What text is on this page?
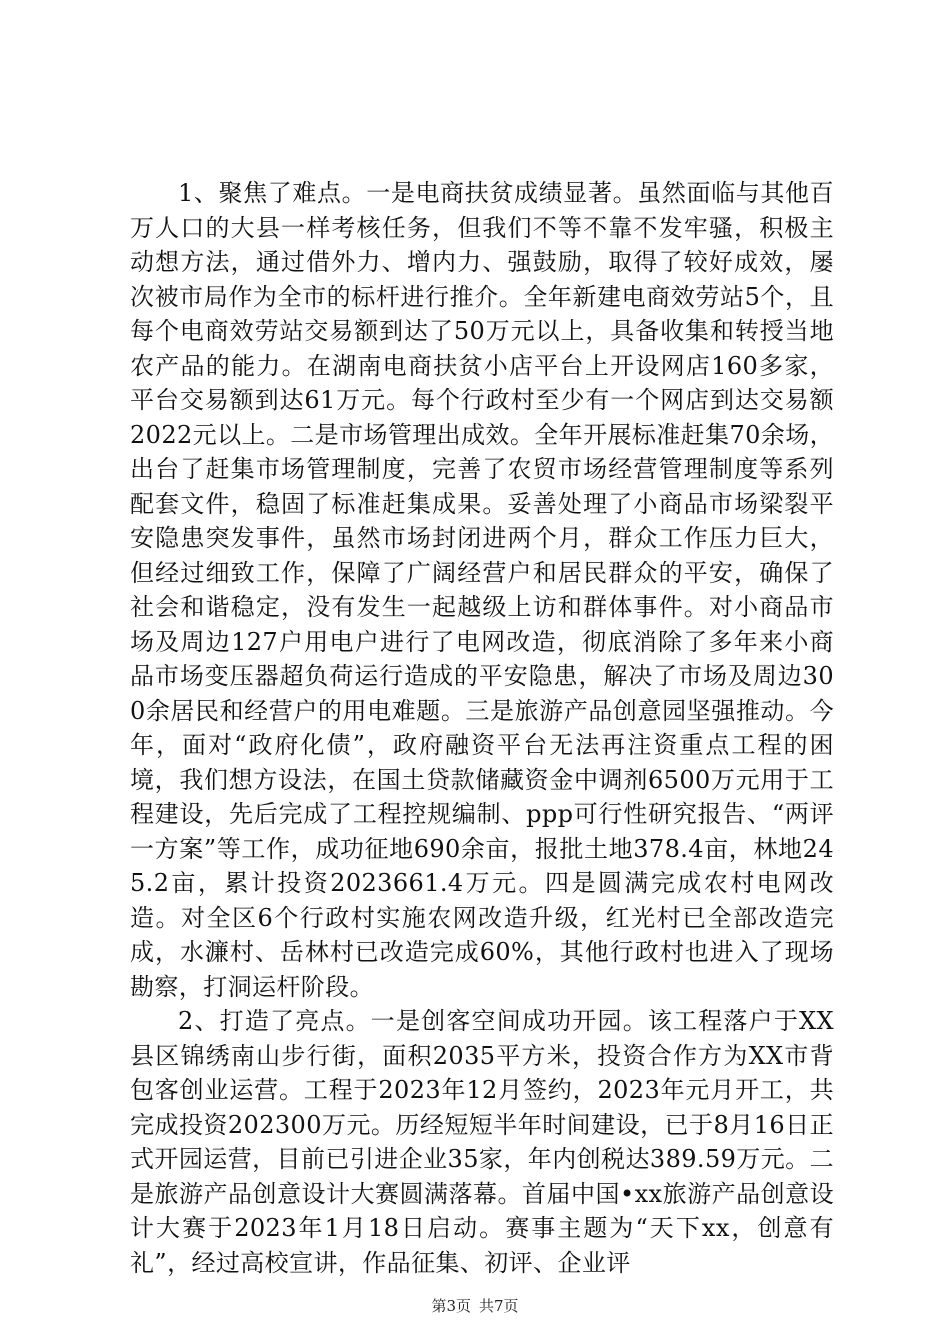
1、聚焦了难点。一是电商扶贫成绩显著。虽然面临与其他百万人口的大县一样考核任务，但我们不等不靠不发牢骚，积极主动想方法，通过借外力、增内力、强鼓励，取得了较好成效，屡次被市局作为全市的标杆进行推介。全年新建电商效劳站5个，且每个电商效劳站交易额到达了50万元以上，具备收集和转授当地农产品的能力。在湖南电商扶贫小店平台上开设网店160多家，平台交易额到达61万元。每个行政村至少有一个网店到达交易额2022元以上。二是市场管理出成效。全年开展标准赶集70余场，出台了赶集市场管理制度，完善了农贸市场经营管理制度等系列配套文件，稳固了标准赶集成果。妥善处理了小商品市场梁裂平安隐患突发事件，虽然市场封闭进两个月，群众工作压力巨大，但经过细致工作，保障了广阔经营户和居民群众的平安，确保了社会和谐稳定，没有发生一起越级上访和群体事件。对小商品市场及周边127户用电户进行了电网改造，彻底消除了多年来小商品市场变压器超负荷运行造成的平安隐患，解决了市场及周边300余居民和经营户的用电难题。三是旅游产品创意园坚强推动。今年，面对“政府化债”，政府融资平台无法再注资重点工程的困境，我们想方设法，在国土贷款储藏资金中调剂6500万元用于工程建设，先后完成了工程控规编制、ppp可行性研究报告、“两评一方案”等工作，成功征地690余亩，报批土地378.4亩，林地245.2亩，累计投资2023661.4万元。四是圆满完成农村电网改造。对全区6个行政村实施农网改造升级，红光村已全部改造完成，水濂村、岳林村已改造完成60%，其他行政村也进入了现场勘察，打洞运杆阶段。

2、打造了亮点。一是创客空间成功开园。该工程落户于XX县区锦绣南山步行街，面积2035平方米，投资合作方为XX市背包客创业运营。工程于2023年12月签约，2023年元月开工，共完成投资202300万元。历经短短半年时间建设，已于8月16日正式开园运营，目前已引进企业35家，年内创税达389.59万元。二是旅游产品创意设计大赛圆满落幕。首届中国•xx旅游产品创意设计大赛于2023年1月18日启动。赛事主题为“天下xx，创意有礼”，经过高校宣讲，作品征集、初评、企业评

第3页 共7页
